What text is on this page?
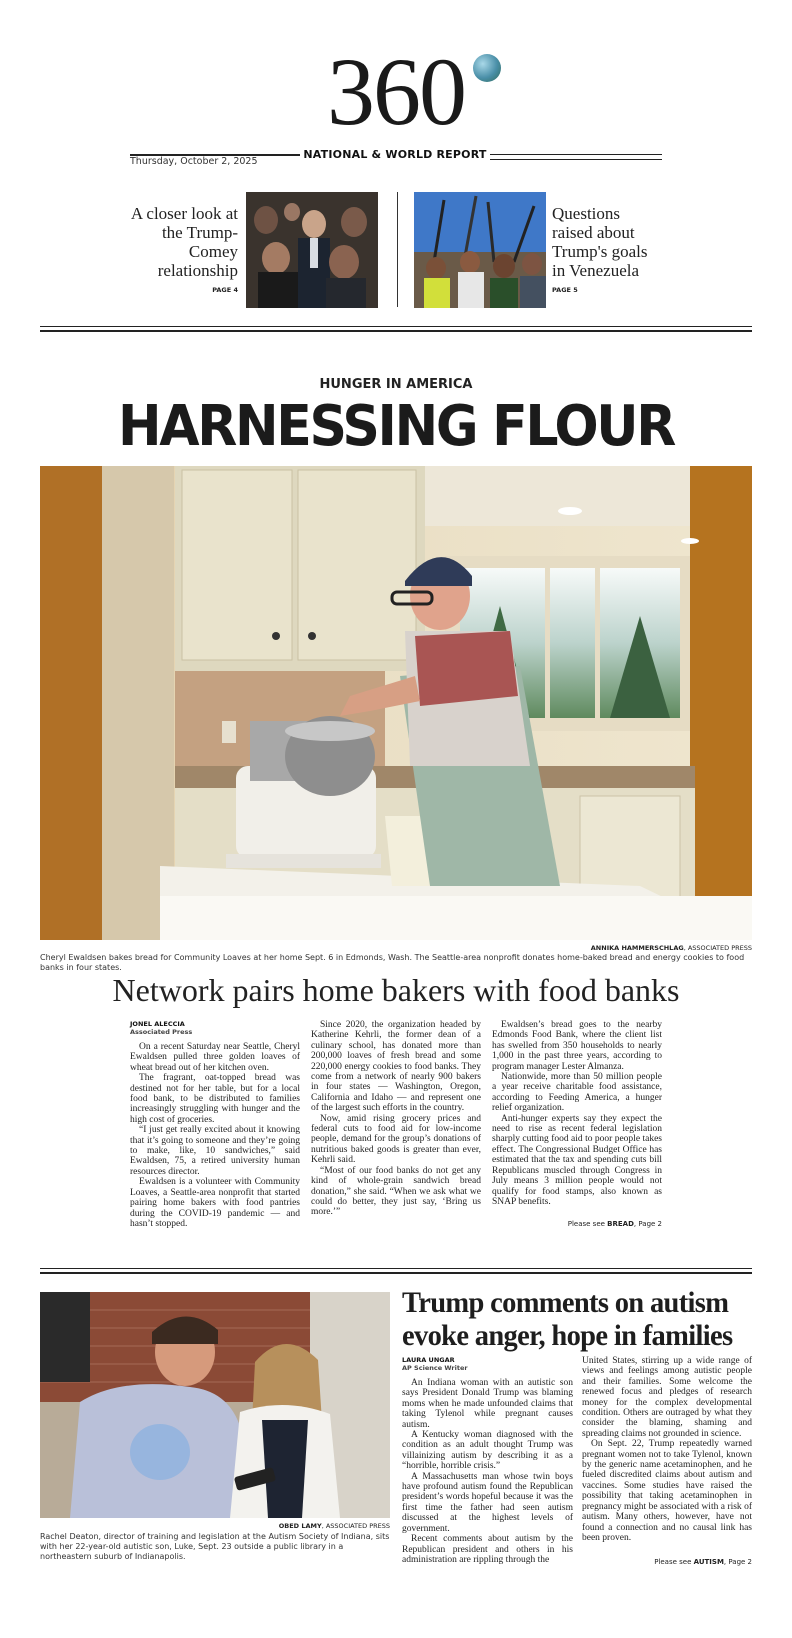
360
Thursday, October 2, 2025
NATIONAL & WORLD REPORT
A closer look at the Trump-Comey relationship
PAGE 4
Questions raised about Trump's goals in Venezuela
PAGE 5
HUNGER IN AMERICA
HARNESSING FLOUR
ANNIKA HAMMERSCHLAG, ASSOCIATED PRESS
Cheryl Ewaldsen bakes bread for Community Loaves at her home Sept. 6 in Edmonds, Wash. The Seattle-area nonprofit donates home-baked bread and energy cookies to food banks in four states.
Network pairs home bakers with food banks
JONEL ALECCIA
Associated Press

On a recent Saturday near Seattle, Cheryl Ewaldsen pulled three golden loaves of wheat bread out of her kitchen oven.

The fragrant, oat-topped bread was destined not for her table, but for a local food bank, to be distributed to families increasingly struggling with hunger and the high cost of groceries.

“I just get really excited about it knowing that it’s going to someone and they’re going to make, like, 10 sandwiches,” said Ewaldsen, 75, a retired university human resources director.

Ewaldsen is a volunteer with Community Loaves, a Seattle-area nonprofit that started pairing home bakers with food pantries during the COVID-19 pandemic — and hasn’t stopped.

Since 2020, the organization headed by Katherine Kehrli, the former dean of a culinary school, has donated more than 200,000 loaves of fresh bread and some 220,000 energy cookies to food banks. They come from a network of nearly 900 bakers in four states — Washington, Oregon, California and Idaho — and represent one of the largest such efforts in the country.

Now, amid rising grocery prices and federal cuts to food aid for low-income people, demand for the group’s donations of nutritious baked goods is greater than ever, Kehrli said.

“Most of our food banks do not get any kind of whole-grain sandwich bread donation,” she said. “When we ask what we could do better, they just say, ‘Bring us more.’”

Ewaldsen’s bread goes to the nearby Edmonds Food Bank, where the client list has swelled from 350 households to nearly 1,000 in the past three years, according to program manager Lester Almanza.

Nationwide, more than 50 million people a year receive charitable food assistance, according to Feeding America, a hunger relief organization.

Anti-hunger experts say they expect the need to rise as recent federal legislation sharply cutting food aid to poor people takes effect. The Congressional Budget Office has estimated that the tax and spending cuts bill Republicans muscled through Congress in July means 3 million people would not qualify for food stamps, also known as SNAP benefits.

Please see BREAD, Page 2
OBED LAMY, ASSOCIATED PRESS
Rachel Deaton, director of training and legislation at the Autism Society of Indiana, sits with her 22-year-old autistic son, Luke, Sept. 23 outside a public library in a northeastern suburb of Indianapolis.
Trump comments on autism evoke anger, hope in families
LAURA UNGAR
AP Science Writer

An Indiana woman with an autistic son says President Donald Trump was blaming moms when he made unfounded claims that taking Tylenol while pregnant causes autism.

A Kentucky woman diagnosed with the condition as an adult thought Trump was villainizing autism by describing it as a “horrible, horrible crisis.”

A Massachusetts man whose twin boys have profound autism found the Republican president’s words hopeful because it was the first time the father had seen autism discussed at the highest levels of government.

Recent comments about autism by the Republican president and others in his administration are rippling through the

United States, stirring up a wide range of views and feelings among autistic people and their families. Some welcome the renewed focus and pledges of research money for the complex developmental condition. Others are outraged by what they consider the blaming, shaming and spreading claims not grounded in science.

On Sept. 22, Trump repeatedly warned pregnant women not to take Tylenol, known by the generic name acetaminophen, and he fueled discredited claims about autism and vaccines. Some studies have raised the possibility that taking acetaminophen in pregnancy might be associated with a risk of autism. Many others, however, have not found a connection and no causal link has been proven.

Please see AUTISM, Page 2
